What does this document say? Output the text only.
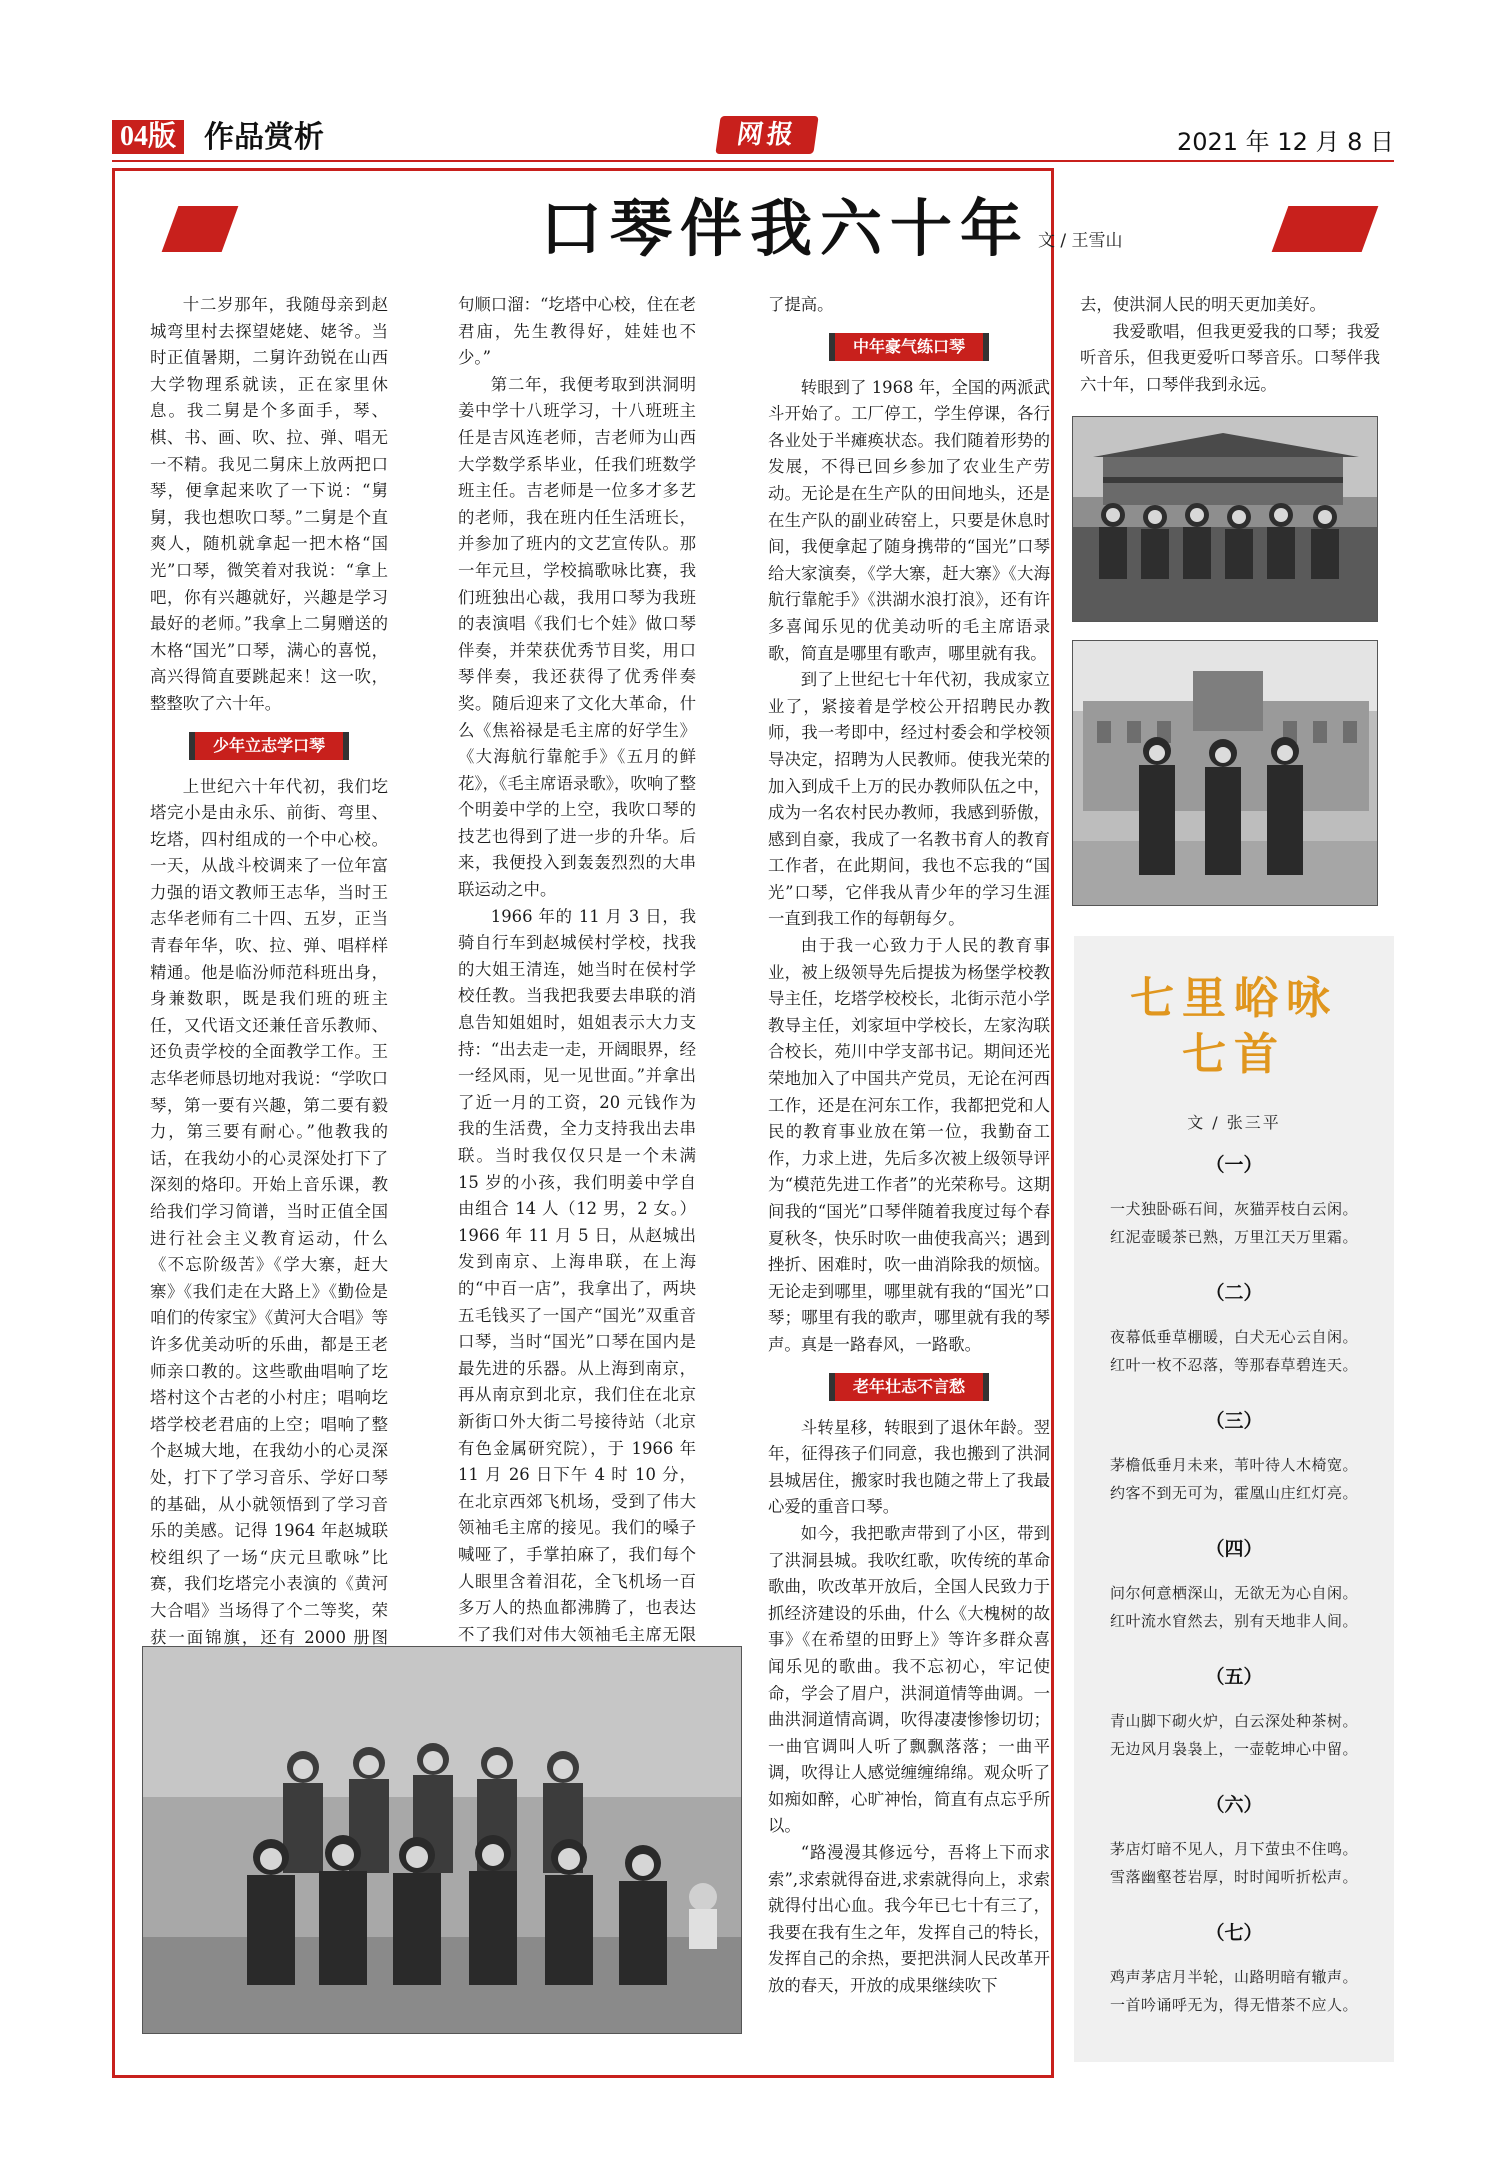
04版 作品赏析	网报	2021 年 12 月 8 日
口琴伴我六十年 文 / 王雪山

十二岁那年，我随母亲到赵城弯里村去探望姥姥、姥爷。当时正值暑期，二舅许劲锐在山西大学物理系就读，正在家里休息。我二舅是个多面手，琴、棋、书、画、吹、拉、弹、唱无一不精。我见二舅床上放两把口琴，便拿起来吹了一下说：“舅舅，我也想吹口琴。”二舅是个直爽人，随机就拿起一把木格“国光”口琴，微笑着对我说：“拿上吧，你有兴趣就好，兴趣是学习最好的老师。”我拿上二舅赠送的木格“国光”口琴，满心的喜悦，高兴得简直要跳起来！这一吹，整整吹了六十年。

少年立志学口琴

上世纪六十年代初，我们圪塔完小是由永乐、前街、弯里、圪塔，四村组成的一个中心校。一天，从战斗校调来了一位年富力强的语文教师王志华，当时王志华老师有二十四、五岁，正当青春年华，吹、拉、弹、唱样样精通。他是临汾师范科班出身，身兼数职，既是我们班的班主任，又代语文还兼任音乐教师、还负责学校的全面教学工作。王志华老师恳切地对我说：“学吹口琴，第一要有兴趣，第二要有毅力，第三要有耐心。”他教我的话，在我幼小的心灵深处打下了深刻的烙印。开始上音乐课，教给我们学习简谱，当时正值全国进行社会主义教育运动，什么《不忘阶级苦》《学大寨，赶大寨》《我们走在大路上》《勤俭是咱们的传家宝》《黄河大合唱》等许多优美动听的乐曲，都是王老师亲口教的。这些歌曲唱响了圪塔村这个古老的小村庄；唱响圪塔学校老君庙的上空；唱响了整个赵城大地，在我幼小的心灵深处，打下了学习音乐、学好口琴的基础，从小就领悟到了学习音乐的美感。记得 1964 年赵城联校组织了一场“庆元旦歌咏”比赛，我们圪塔完小表演的《黄河大合唱》当场得了个二等奖，荣获一面锦旗，还有 2000 册图

句顺口溜：“圪塔中心校，住在老君庙，先生教得好，娃娃也不少。”

第二年，我便考取到洪洞明姜中学十八班学习，十八班班主任是吉风连老师，吉老师为山西大学数学系毕业，任我们班数学班主任。吉老师是一位多才多艺的老师，我在班内任生活班长，并参加了班内的文艺宣传队。那一年元旦，学校搞歌咏比赛，我们班独出心裁，我用口琴为我班的表演唱《我们七个娃》做口琴伴奏，并荣获优秀节目奖，用口琴伴奏，我还获得了优秀伴奏奖。随后迎来了文化大革命，什么《焦裕禄是毛主席的好学生》《大海航行靠舵手》《五月的鲜花》，《毛主席语录歌》，吹响了整个明姜中学的上空，我吹口琴的技艺也得到了进一步的升华。后来，我便投入到轰轰烈烈的大串联运动之中。

1966 年的 11 月 3 日，我骑自行车到赵城侯村学校，找我的大姐王清连，她当时在侯村学校任教。当我把我要去串联的消息告知姐姐时，姐姐表示大力支持：“出去走一走，开阔眼界，经一经风雨，见一见世面。”并拿出了近一月的工资，20 元钱作为我的生活费，全力支持我出去串联。当时我仅仅只是一个未满 15 岁的小孩，我们明姜中学自由组合 14 人（12 男，2 女。）1966 年 11 月 5 日，从赵城出发到南京、上海串联，在上海的“中百一店”，我拿出了，两块五毛钱买了一国产“国光”双重音口琴，当时“国光”口琴在国内是最先进的乐器。从上海到南京，再从南京到北京，我们住在北京新街口外大街二号接待站（北京有色金属研究院），于 1966 年 11 月 26 日下午 4 时 10 分，在北京西郊飞机场，受到了伟大领袖毛主席的接见。我们的嗓子喊哑了，手掌拍麻了，我们每个人眼里含着泪花，全飞机场一百多万人的热血都沸腾了，也表达不了我们对伟大领袖毛主席无限

了提高。

中年豪气练口琴

转眼到了 1968 年，全国的两派武斗开始了。工厂停工，学生停课，各行各业处于半瘫痪状态。我们随着形势的发展，不得已回乡参加了农业生产劳动。无论是在生产队的田间地头，还是在生产队的副业砖窑上，只要是休息时间，我便拿起了随身携带的“国光”口琴给大家演奏，《学大寨，赶大寨》《大海航行靠舵手》《洪湖水浪打浪》，还有许多喜闻乐见的优美动听的毛主席语录歌，简直是哪里有歌声，哪里就有我。

到了上世纪七十年代初，我成家立业了，紧接着是学校公开招聘民办教师，我一考即中，经过村委会和学校领导决定，招聘为人民教师。使我光荣的加入到成千上万的民办教师队伍之中，成为一名农村民办教师，我感到骄傲，感到自豪，我成了一名教书育人的教育工作者，在此期间，我也不忘我的“国光”口琴，它伴我从青少年的学习生涯一直到我工作的每朝每夕。

由于我一心致力于人民的教育事业，被上级领导先后提拔为杨堡学校教导主任，圪塔学校校长，北街示范小学教导主任，刘家垣中学校长，左家沟联合校长，苑川中学支部书记。期间还光荣地加入了中国共产党员，无论在河西工作，还是在河东工作，我都把党和人民的教育事业放在第一位，我勤奋工作，力求上进，先后多次被上级领导评为“模范先进工作者”的光荣称号。这期间我的“国光”口琴伴随着我度过每个春夏秋冬，快乐时吹一曲使我高兴；遇到挫折、困难时，吹一曲消除我的烦恼。无论走到哪里，哪里就有我的“国光”口琴；哪里有我的歌声，哪里就有我的琴声。真是一路春风，一路歌。

老年壮志不言愁

斗转星移，转眼到了退休年龄。翌年，征得孩子们同意，我也搬到了洪洞县城居住，搬家时我也随之带上了我最心爱的重音口琴。

如今，我把歌声带到了小区，带到了洪洞县城。我吹红歌，吹传统的革命歌曲，吹改革开放后，全国人民致力于抓经济建设的乐曲，什么《大槐树的故事》《在希望的田野上》等许多群众喜闻乐见的歌曲。我不忘初心，牢记使命，学会了眉户，洪洞道情等曲调。一曲洪洞道情高调，吹得凄凄惨惨切切；一曲官调叫人听了飘飘落落；一曲平调，吹得让人感觉缠缠绵绵。观众听了如痴如醉，心旷神怡，简直有点忘乎所以。

“路漫漫其修远兮，吾将上下而求索”,求索就得奋进,求索就得向上，求索就得付出心血。我今年已七十有三了，我要在我有生之年，发挥自己的特长，发挥自己的余热，要把洪洞人民改革开放的春天，开放的成果继续吹下

去，使洪洞人民的明天更加美好。

我爱歌唱，但我更爱我的口琴；我爱听音乐，但我更爱听口琴音乐。口琴伴我六十年，口琴伴我到永远。

七里峪咏
七首
文 / 张三平
（一）
一犬独卧砾石间，灰猫弄枝白云闲。
红泥壶暖茶已熟，万里江天万里霜。
（二）
夜幕低垂草棚暖，白犬无心云自闲。
红叶一枚不忍落，等那春草碧连天。
（三）
茅檐低垂月未来，苇叶待人木椅宽。
约客不到无可为，霍凰山庄红灯亮。
（四）
问尔何意栖深山，无欲无为心自闲。
红叶流水窅然去，别有天地非人间。
（五）
青山脚下砌火炉，白云深处种茶树。
无边风月袅袅上，一壶乾坤心中留。
（六）
茅店灯暗不见人，月下萤虫不住鸣。
雪落幽壑苍岩厚，时时闻听折松声。
（七）
鸡声茅店月半轮，山路明暗有辙声。
一首吟诵呼无为，得无惜茶不应人。
